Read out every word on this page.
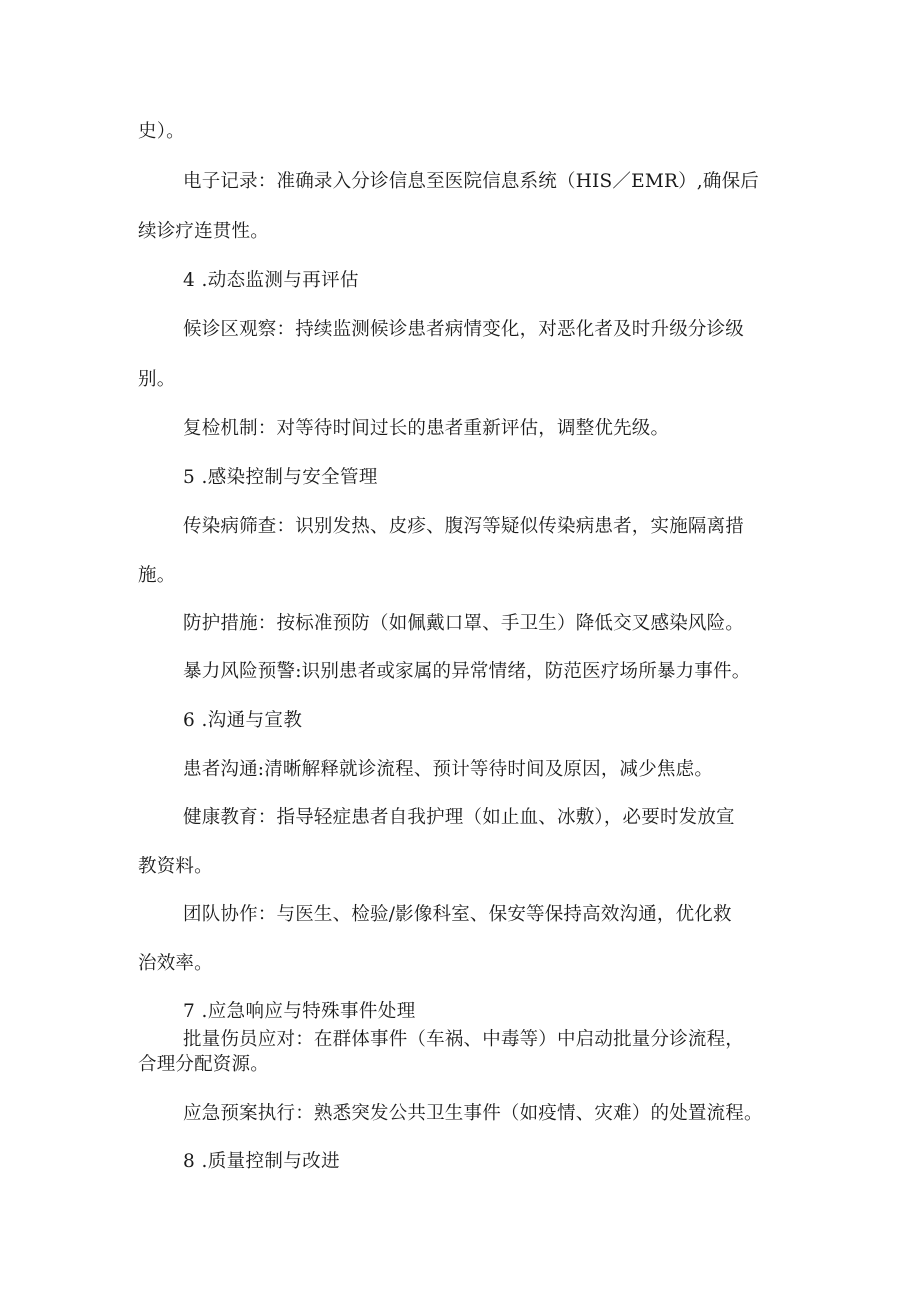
史）。
电子记录：准确录入分诊信息至医院信息系统（HIS／EMR）,确保后
续诊疗连贯性。
4 .动态监测与再评估
候诊区观察：持续监测候诊患者病情变化，对恶化者及时升级分诊级
别。
复检机制：对等待时间过长的患者重新评估，调整优先级。
5 .感染控制与安全管理
传染病筛查：识别发热、皮疹、腹泻等疑似传染病患者，实施隔离措
施。
防护措施：按标准预防（如佩戴口罩、手卫生）降低交叉感染风险。
暴力风险预警:识别患者或家属的异常情绪，防范医疗场所暴力事件。
6 .沟通与宣教
患者沟通:清晰解释就诊流程、预计等待时间及原因，减少焦虑。
健康教育：指导轻症患者自我护理（如止血、冰敷），必要时发放宣
教资料。
团队协作：与医生、检验/影像科室、保安等保持高效沟通，优化救
治效率。
7 .应急响应与特殊事件处理
批量伤员应对：在群体事件（车祸、中毒等）中启动批量分诊流程，
合理分配资源。
应急预案执行：熟悉突发公共卫生事件（如疫情、灾难）的处置流程。
8 .质量控制与改进
